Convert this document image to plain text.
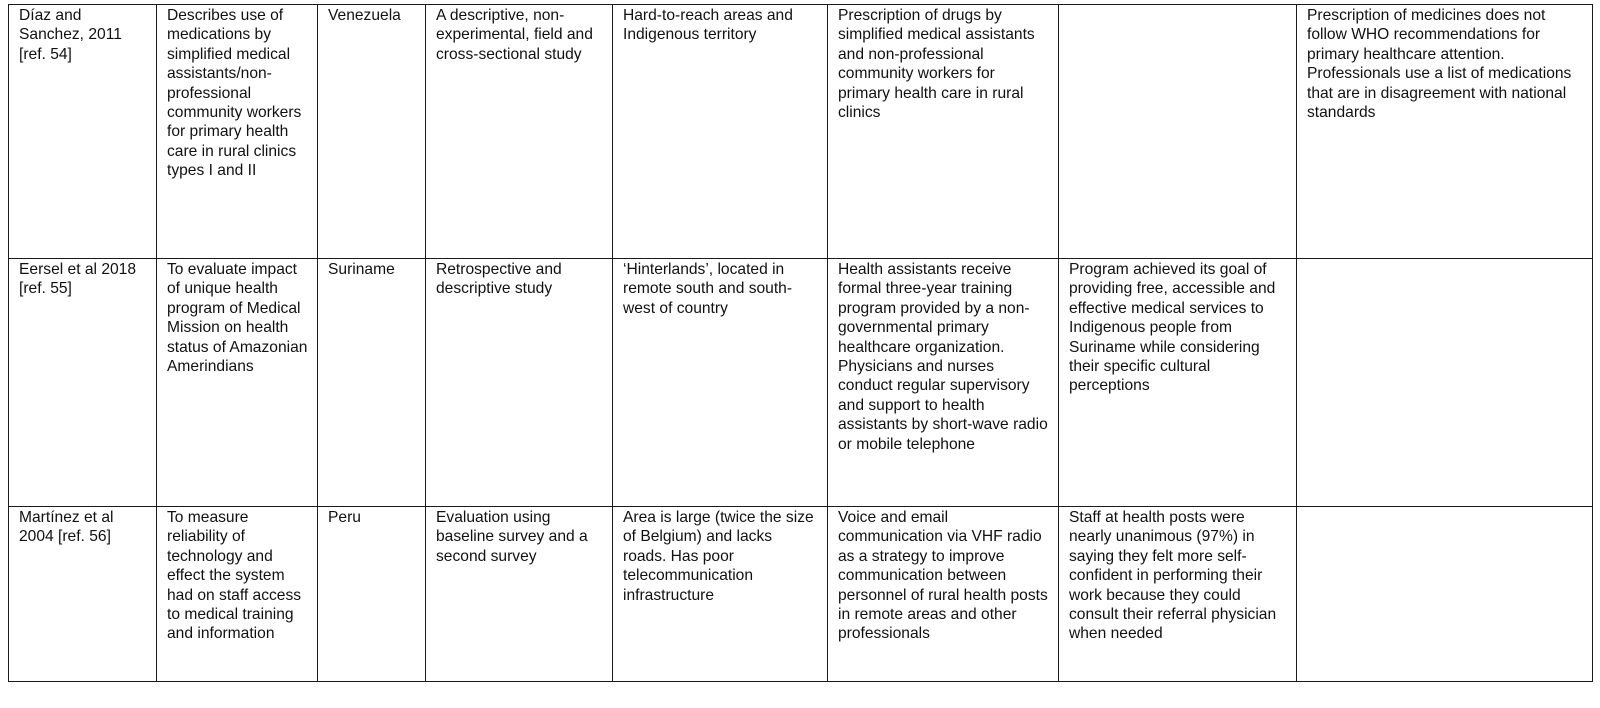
Díaz and Sanchez, 2011 [ref. 54]	Describes use of medications by simplified medical assistants/non-professional community workers for primary health care in rural clinics types I and II	Venezuela	A descriptive, non-experimental, field and cross-sectional study	Hard-to-reach areas and Indigenous territory	Prescription of drugs by simplified medical assistants and non-professional community workers for primary health care in rural clinics		Prescription of medicines does not follow WHO recommendations for primary healthcare attention. Professionals use a list of medications that are in disagreement with national standards
Eersel et al 2018 [ref. 55]	To evaluate impact of unique health program of Medical Mission on health status of Amazonian Amerindians	Suriname	Retrospective and descriptive study	‘Hinterlands’, located in remote south and south-west of country	Health assistants receive formal three-year training program provided by a non-governmental primary healthcare organization. Physicians and nurses conduct regular supervisory and support to health assistants by short-wave radio or mobile telephone	Program achieved its goal of providing free, accessible and effective medical services to Indigenous people from Suriname while considering their specific cultural perceptions	
Martínez et al 2004 [ref. 56]	To measure reliability of technology and effect the system had on staff access to medical training and information	Peru	Evaluation using baseline survey and a second survey	Area is large (twice the size of Belgium) and lacks roads. Has poor telecommunication infrastructure	Voice and email communication via VHF radio as a strategy to improve communication between personnel of rural health posts in remote areas and other professionals	Staff at health posts were nearly unanimous (97%) in saying they felt more self-confident in performing their work because they could consult their referral physician when needed	
